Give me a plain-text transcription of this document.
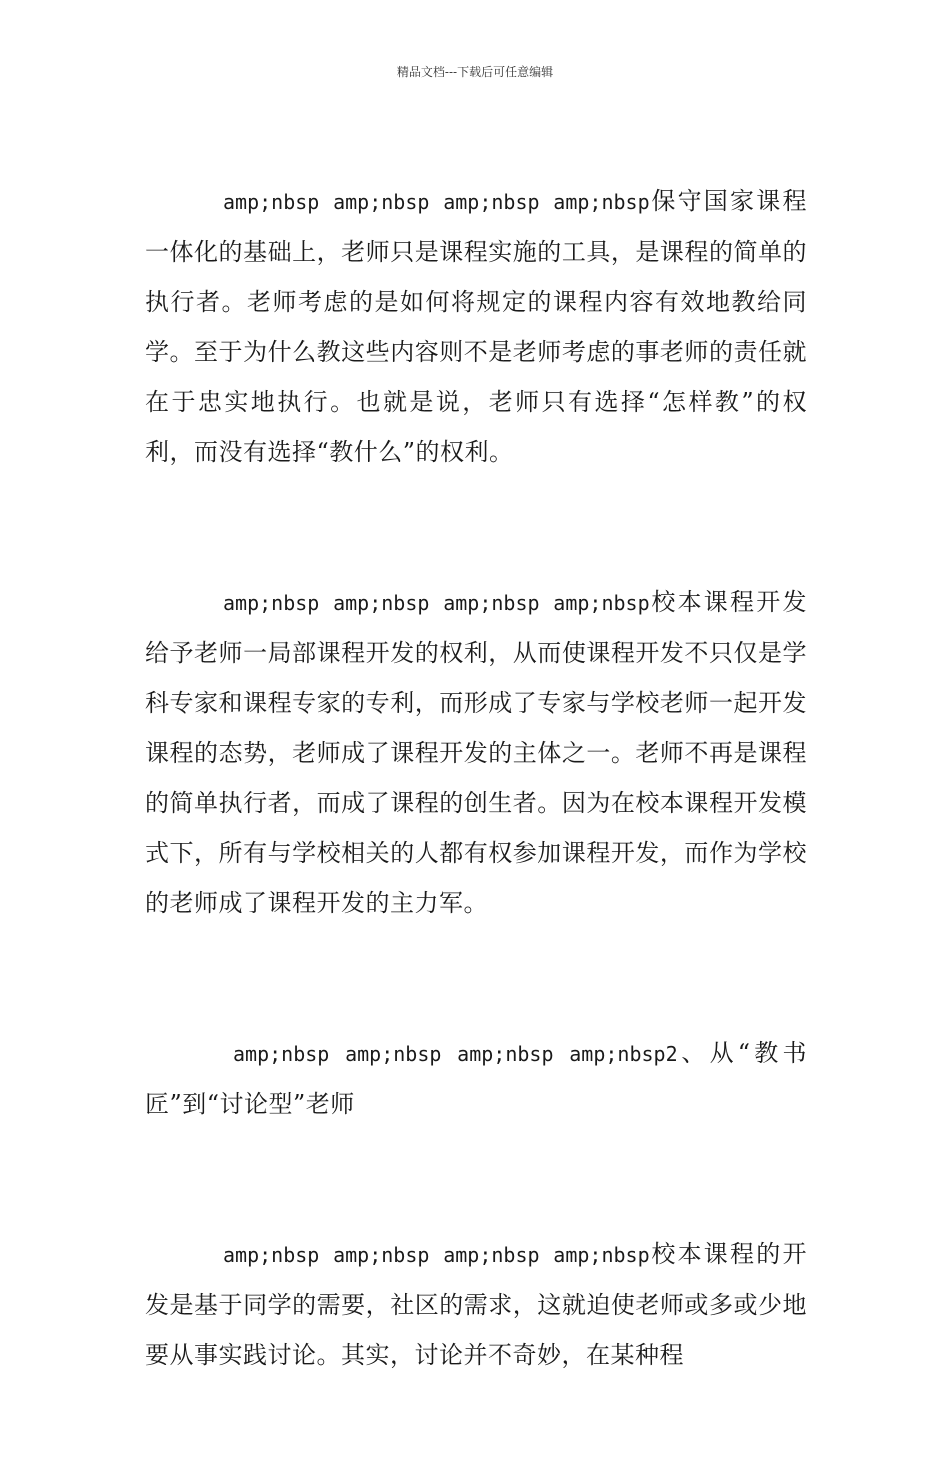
精品文档---下载后可任意编辑

amp;nbsp amp;nbsp amp;nbsp amp;nbsp保守国家课程一体化的基础上，老师只是课程实施的工具，是课程的简单的执行者。老师考虑的是如何将规定的课程内容有效地教给同学。至于为什么教这些内容则不是老师考虑的事老师的责任就在于忠实地执行。也就是说，老师只有选择“怎样教”的权利，而没有选择“教什么”的权利。

amp;nbsp amp;nbsp amp;nbsp amp;nbsp校本课程开发给予老师一局部课程开发的权利，从而使课程开发不只仅是学科专家和课程专家的专利，而形成了专家与学校老师一起开发课程的态势，老师成了课程开发的主体之一。老师不再是课程的简单执行者，而成了课程的创生者。因为在校本课程开发模式下，所有与学校相关的人都有权参加课程开发，而作为学校的老师成了课程开发的主力军。

amp;nbsp amp;nbsp amp;nbsp amp;nbsp2、从“教书匠”到“讨论型”老师

amp;nbsp amp;nbsp amp;nbsp amp;nbsp校本课程的开发是基于同学的需要，社区的需求，这就迫使老师或多或少地要从事实践讨论。其实，讨论并不奇妙，在某种程
